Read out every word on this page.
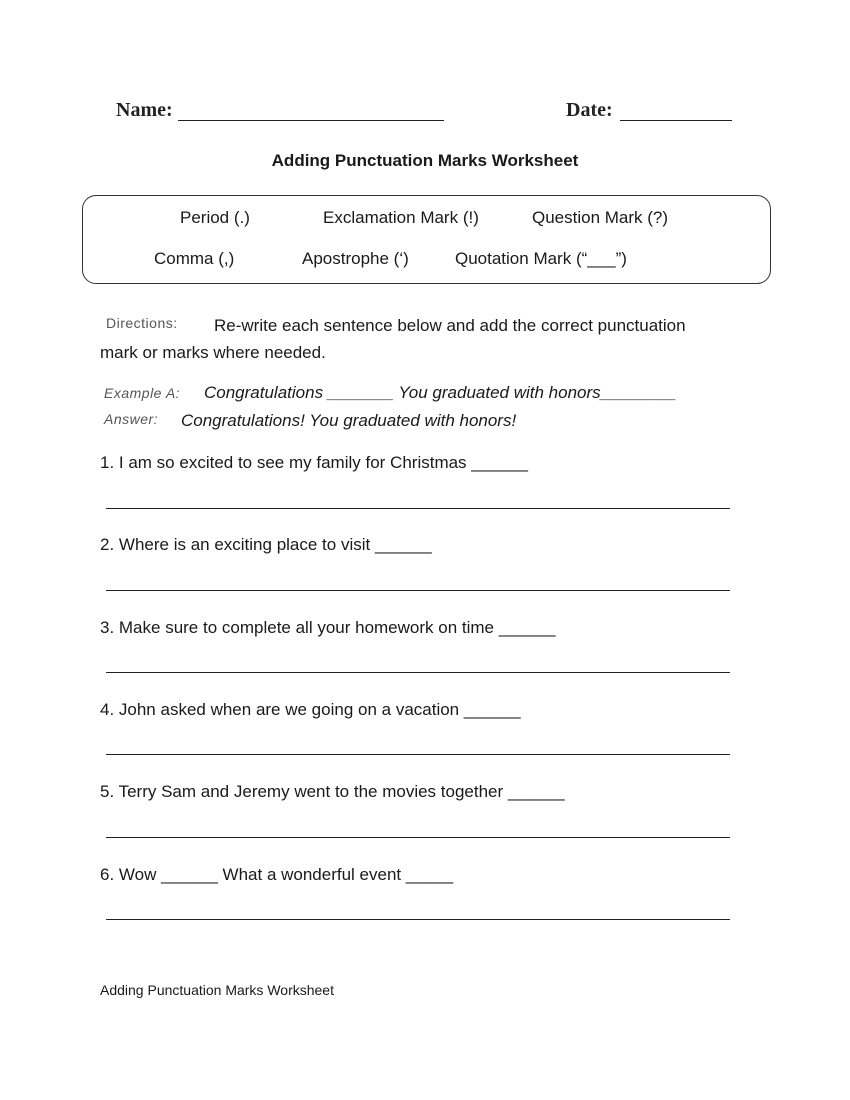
Name:	Date:
Adding Punctuation Marks Worksheet
Period (.)	Exclamation Mark (!)	Question Mark (?)
Comma (,)	Apostrophe (‘)	Quotation Mark (“___”)
Directions: Re-write each sentence below and add the correct punctuation
mark or marks where needed.
Example A: Congratulations _______ You graduated with honors________
Answer: Congratulations! You graduated with honors!
1. I am so excited to see my family for Christmas ______
2. Where is an exciting place to visit ______
3. Make sure to complete all your homework on time ______
4. John asked when are we going on a vacation ______
5. Terry Sam and Jeremy went to the movies together ______
6. Wow ______ What a wonderful event _____
Adding Punctuation Marks Worksheet
